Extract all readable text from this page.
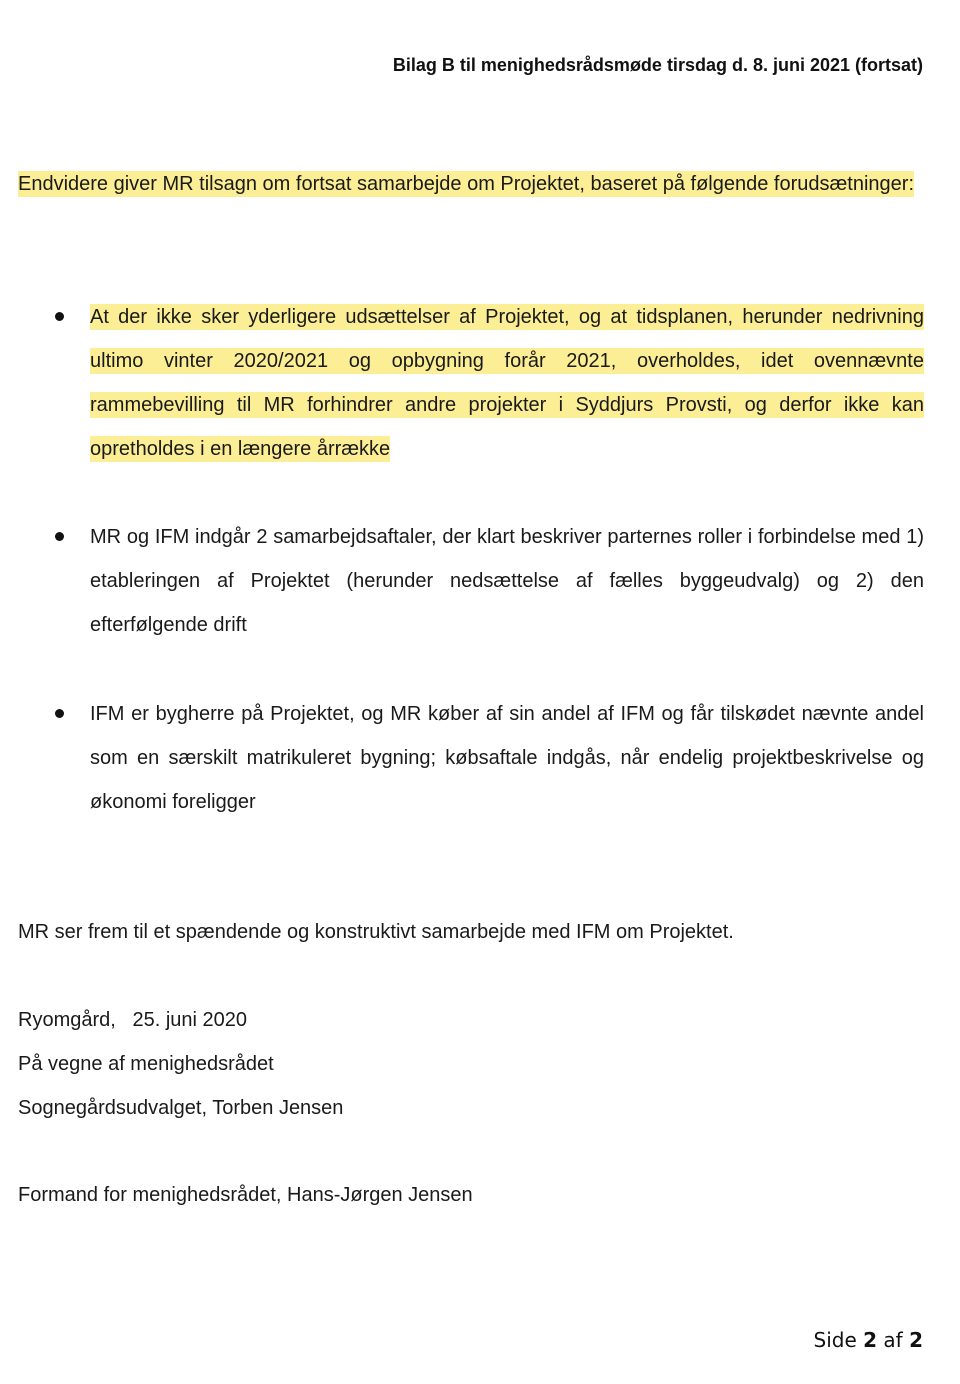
Bilag B til menighedsrådsmøde tirsdag d. 8. juni 2021 (fortsat)
Endvidere giver MR tilsagn om fortsat samarbejde om Projektet, baseret på følgende forudsætninger:
At der ikke sker yderligere udsættelser af Projektet, og at tidsplanen, herunder nedrivning ultimo vinter 2020/2021 og opbygning forår 2021, overholdes, idet ovennævnte rammebevilling til MR forhindrer andre projekter i Syddjurs Provsti, og derfor ikke kan opretholdes i en længere årrække
MR og IFM indgår 2 samarbejdsaftaler, der klart beskriver parternes roller i forbindelse med 1) etableringen af Projektet (herunder nedsættelse af fælles byggeudvalg) og 2) den efterfølgende drift
IFM er bygherre på Projektet, og MR køber af sin andel af IFM og får tilskødet nævnte andel som en særskilt matrikuleret bygning; købsaftale indgås, når endelig projektbeskrivelse og økonomi foreligger
MR ser frem til et spændende og konstruktivt samarbejde med IFM om Projektet.
Ryomgård,   25. juni 2020
På vegne af menighedsrådet
Sognegårdsudvalget, Torben Jensen
Formand for menighedsrådet, Hans-Jørgen Jensen
Side 2 af 2
